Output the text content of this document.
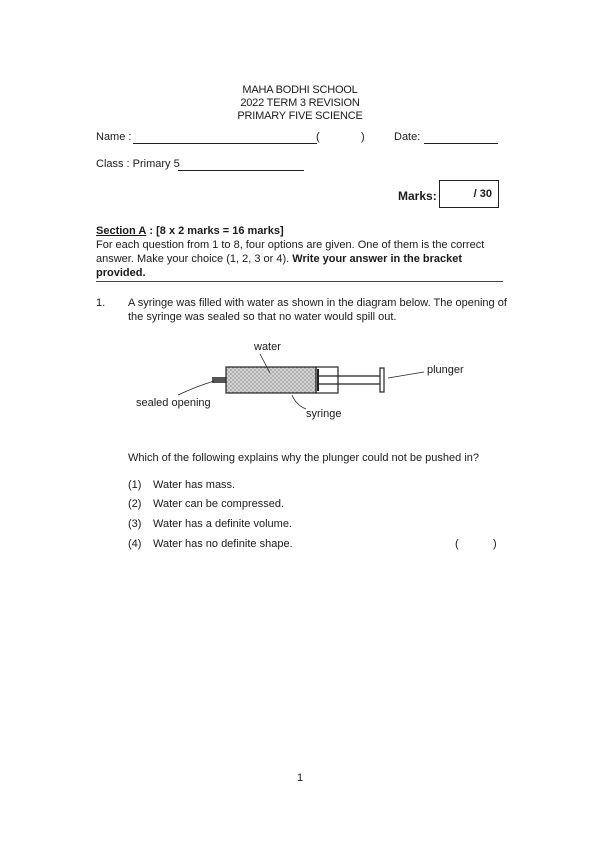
MAHA BODHI SCHOOL
2022 TERM 3 REVISION
PRIMARY FIVE SCIENCE
Name :	(	)	Date:
Class : Primary 5
Marks:	/ 30
Section A : [8 x 2 marks = 16 marks]
For each question from 1 to 8, four options are given. One of them is the correct
answer. Make your choice (1, 2, 3 or 4). Write your answer in the bracket
provided.
1. A syringe was filled with water as shown in the diagram below. The opening of
the syringe was sealed so that no water would spill out.
water
plunger
sealed opening
syringe
Which of the following explains why the plunger could not be pushed in?
(1) Water has mass.
(2) Water can be compressed.
(3) Water has a definite volume.
(4) Water has no definite shape.	(	)
1
